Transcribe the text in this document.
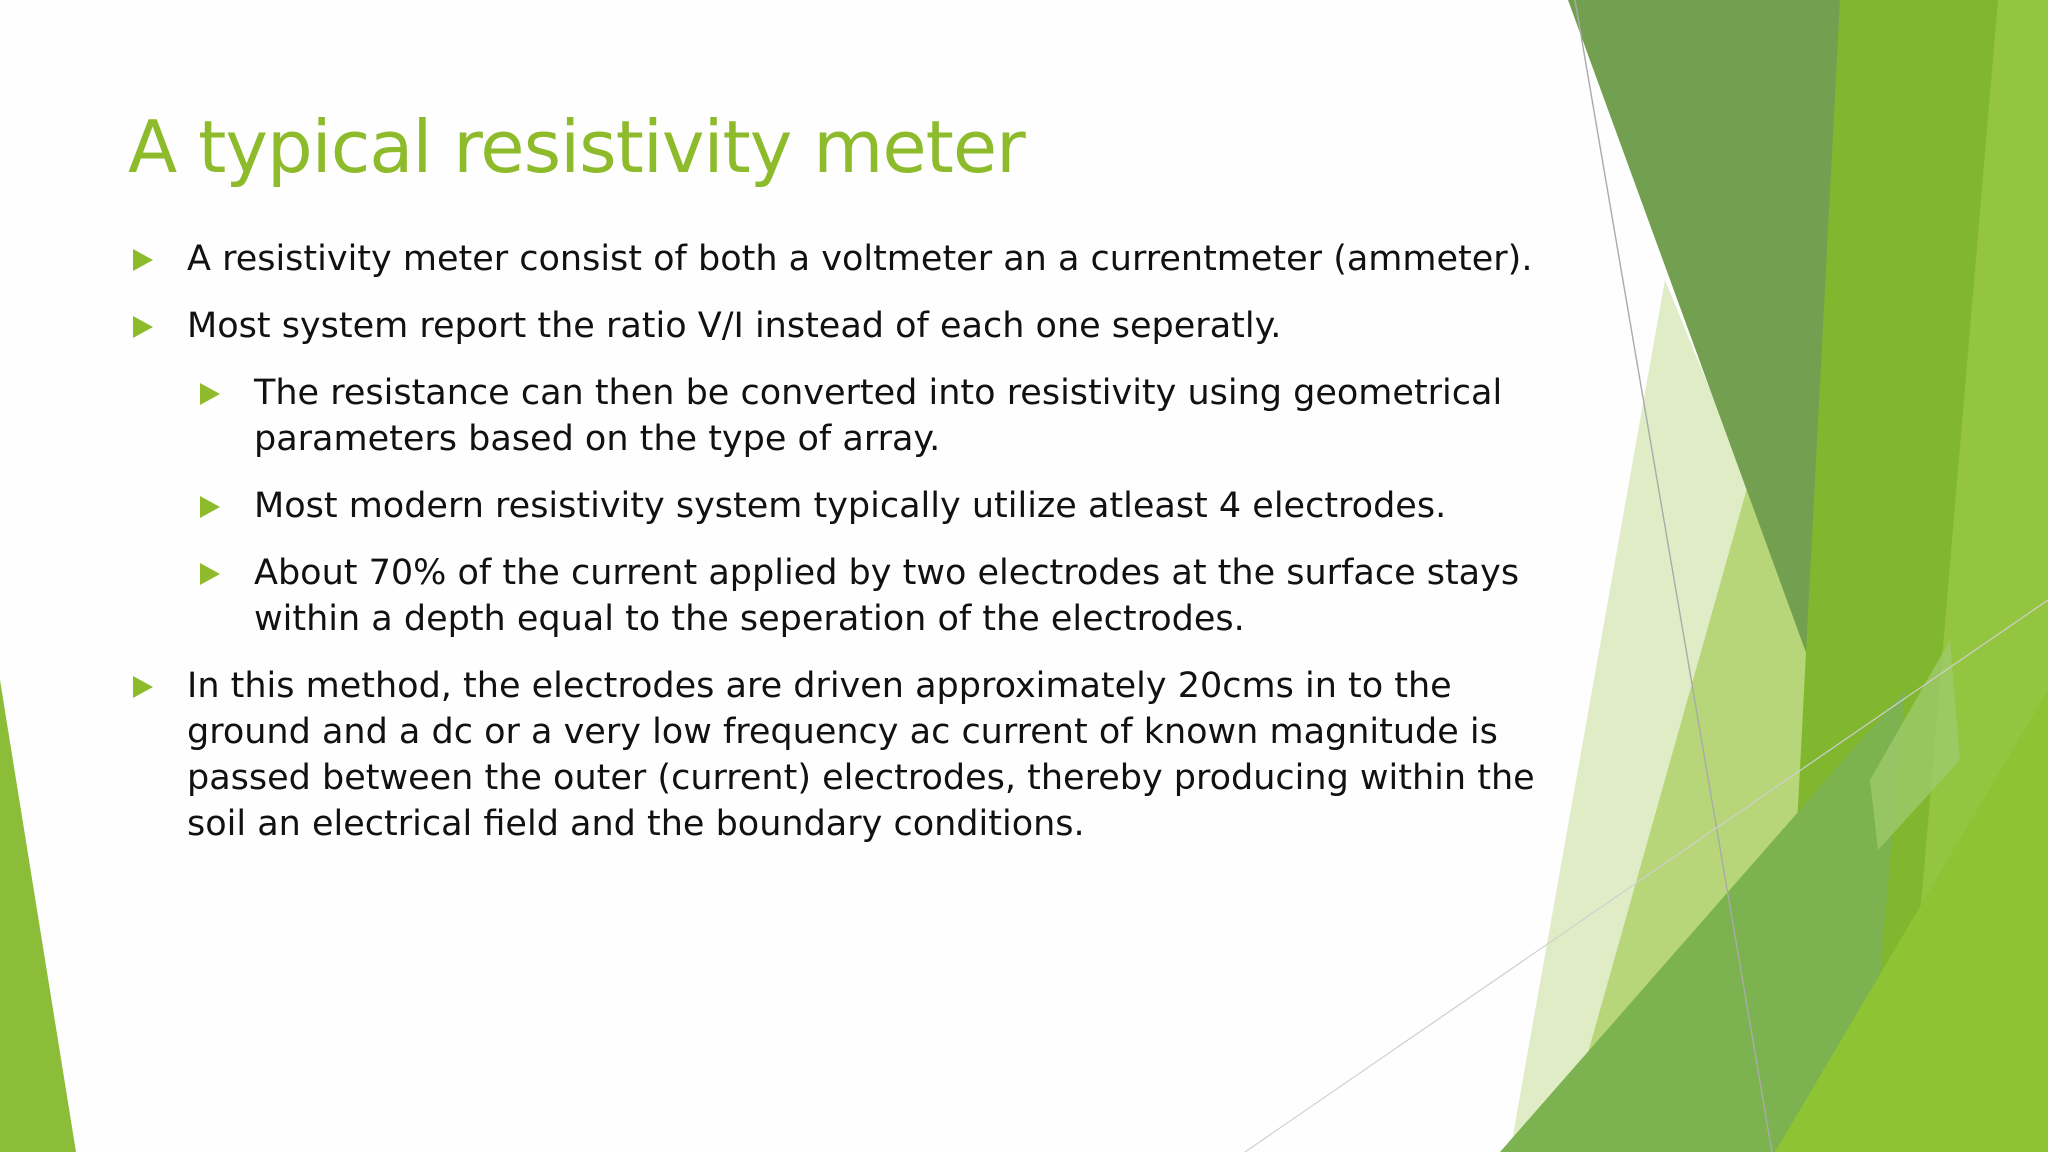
A typical resistivity meter
A resistivity meter consist of both a voltmeter an a currentmeter (ammeter).
Most system report the ratio V/I instead of each one seperatly.
The resistance can then be converted into resistivity using geometrical parameters based on the type of array.
Most modern resistivity system typically utilize atleast 4 electrodes.
About 70% of the current applied by two electrodes at the surface stays within a depth equal to the seperation of the electrodes.
In this method, the electrodes are driven approximately 20cms in to the ground and a dc or a very low frequency ac current of known magnitude is passed between the outer (current) electrodes, thereby producing within the soil an electrical field and the boundary conditions.
